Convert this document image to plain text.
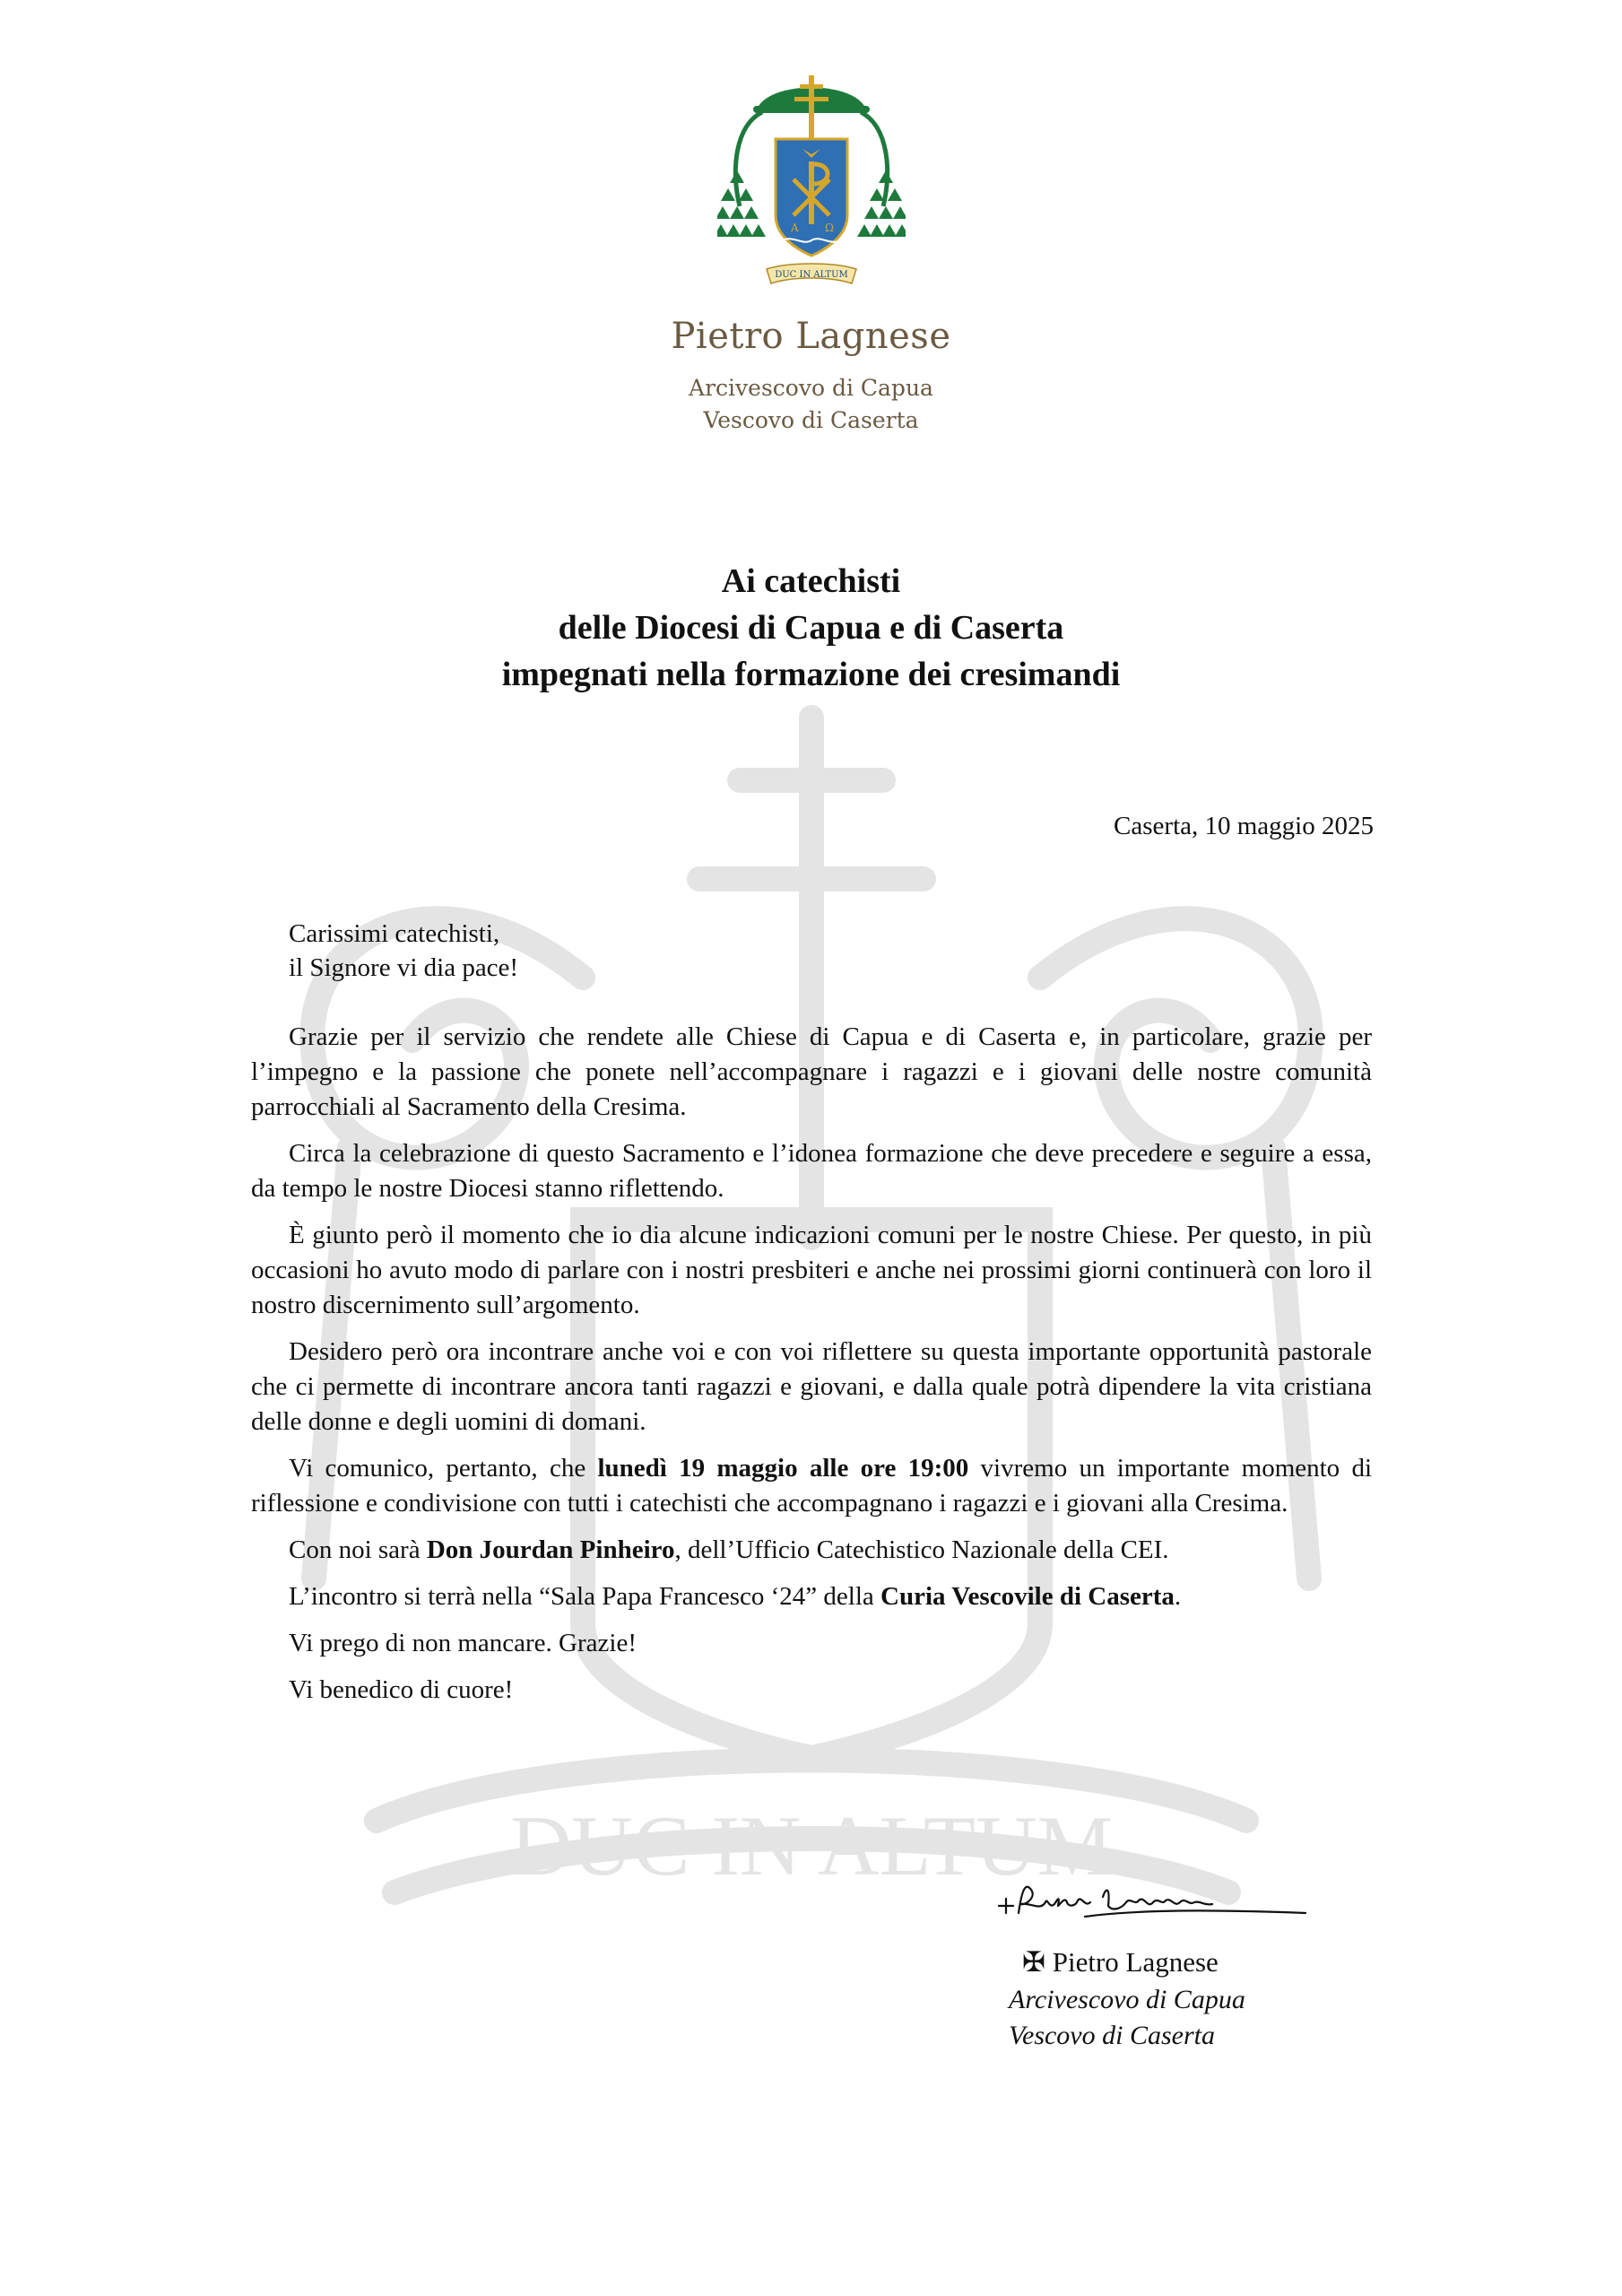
DUC IN ALTUM
A Ω
DUC IN ALTUM
Pietro Lagnese
Arcivescovo di Capua
Vescovo di Caserta
Ai catechisti
delle Diocesi di Capua e di Caserta
impegnati nella formazione dei cresimandi
Caserta, 10 maggio 2025
Carissimi catechisti,
il Signore vi dia pace!

Grazie per il servizio che rendete alle Chiese di Capua e di Caserta e, in particolare, grazie per l’impegno e la passione che ponete nell’accompagnare i ragazzi e i giovani delle nostre comunità parrocchiali al Sacramento della Cresima.

Circa la celebrazione di questo Sacramento e l’idonea formazione che deve precedere e seguire a essa, da tempo le nostre Diocesi stanno riflettendo.

È giunto però il momento che io dia alcune indicazioni comuni per le nostre Chiese. Per questo, in più occasioni ho avuto modo di parlare con i nostri presbiteri e anche nei prossimi giorni continuerà con loro il nostro discernimento sull’argomento.

Desidero però ora incontrare anche voi e con voi riflettere su questa importante opportunità pastorale che ci permette di incontrare ancora tanti ragazzi e giovani, e dalla quale potrà dipendere la vita cristiana delle donne e degli uomini di domani.

Vi comunico, pertanto, che lunedì 19 maggio alle ore 19:00 vivremo un importante momento di riflessione e condivisione con tutti i catechisti che accompagnano i ragazzi e i giovani alla Cresima.

Con noi sarà Don Jourdan Pinheiro, dell’Ufficio Catechistico Nazionale della CEI.

L’incontro si terrà nella “Sala Papa Francesco ‘24” della Curia Vescovile di Caserta.

Vi prego di non mancare. Grazie!

Vi benedico di cuore!

✠ Pietro Lagnese
Arcivescovo di Capua
Vescovo di Caserta
